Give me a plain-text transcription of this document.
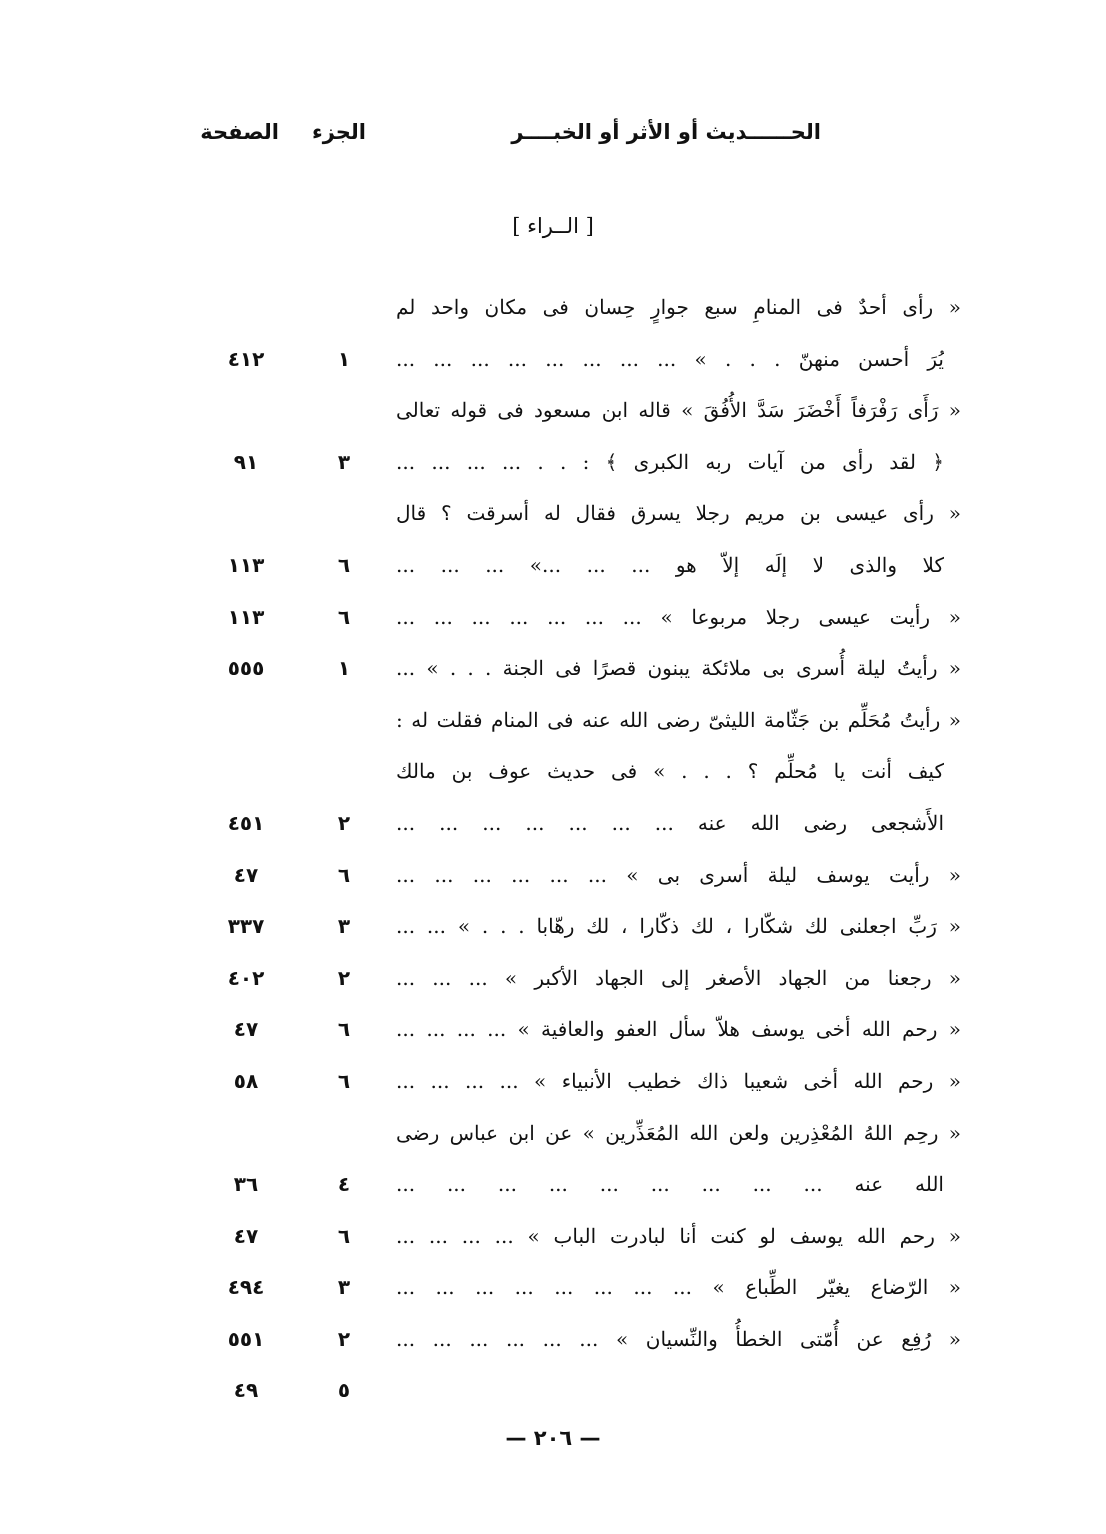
الحــــــديث أو الأثر أو الخبــــر
الجزء
الصفحة
[ الــراء ]
« رأى أحدٌ فى المنامِ سبع جوارٍ حِسان فى مكان واحد لم
يُرَ أحسن منهنّ . . . » ... ... ... ... ... ... ... ...
١
٤١٢
« رَأَى رَفْرَفاً أَخْضَرَ سَدَّ الأُفُقَ » قاله ابن مسعود فى قوله تعالى
﴿ لقد رأى من آيات ربه الكبرى ﴾ : . . ... ... ... ...
٣
٩١
« رأى عيسى بن مريم رجلا يسرق فقال له أسرقت ؟ قال
كلا والذى لا إلَه إلاّ هو ... ... ...» ... ... ...
٦
١١٣
« رأيت عيسى رجلا مربوعا » ... ... ... ... ... ... ...
٦
١١٣
« رأيتُ ليلة أُسرى بى ملائكة يبنون قصرًا فى الجنة . . . » ...
١
٥٥٥
« رأيتُ مُحَلِّم بن جَثّامة الليثىّ رضى الله عنه فى المنام فقلت له :
كيف أنت يا مُحلِّم ؟ . . . » فى حديث عوف بن مالك
الأَشجعى رضى الله عنه ... ... ... ... ... ... ...
٢
٤٥١
« رأيت يوسف ليلة أسرى بى » ... ... ... ... ... ...
٦
٤٧
« رَبِّ اجعلنى لك شكّارا ، لك ذكّارا ، لك رهّابا . . . » ... ...
٣
٣٣٧
« رجعنا من الجهاد الأصغر إلى الجهاد الأكبر » ... ... ...
٢
٤٠٢
« رحم الله أخى يوسف هلاّ سأل العفو والعافية » ... ... ... ...
٦
٤٧
« رحم الله أخى شعيبا ذاك خطيب الأنبياء » ... ... ... ...
٦
٥٨
« رحِم اللهُ المُعْذِرين ولعن الله المُعَذِّرين » عن ابن عباس رضى
الله عنه ... ... ... ... ... ... ... ... ...
٤
٣٦
« رحم الله يوسف لو كنت أنا لبادرت الباب » ... ... ... ...
٦
٤٧
« الرّضاع يغيّر الطِّباع » ... ... ... ... ... ... ... ...
٣
٤٩٤
« رُفِع عن أُمّتى الخطأُ والنِّسيان » ... ... ... ... ... ...
٢
٥٥١
٥
٤٩
— ٢٠٦ —
